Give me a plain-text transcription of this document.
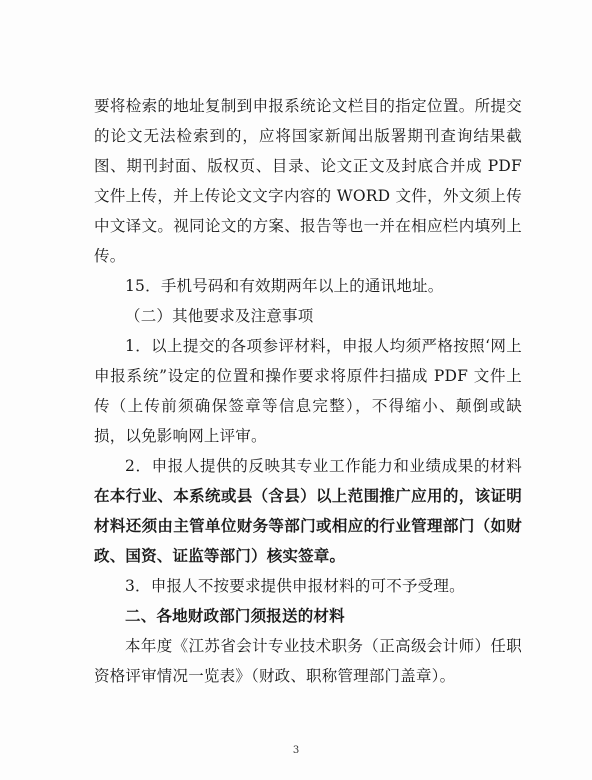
要将检索的地址复制到申报系统论文栏目的指定位置。所提交的论文无法检索到的，应将国家新闻出版署期刊查询结果截图、期刊封面、版权页、目录、论文正文及封底合并成 PDF 文件上传，并上传论文文字内容的 WORD 文件，外文须上传中文译文。视同论文的方案、报告等也一并在相应栏内填列上传。

15．手机号码和有效期两年以上的通讯地址。

（二）其他要求及注意事项

1．以上提交的各项参评材料，申报人均须严格按照‘网上申报系统”设定的位置和操作要求将原件扫描成 PDF 文件上传（上传前须确保签章等信息完整），不得缩小、颠倒或缺损，以免影响网上评审。

2．申报人提供的反映其专业工作能力和业绩成果的材料在本行业、本系统或县（含县）以上范围推广应用的，该证明材料还须由主管单位财务等部门或相应的行业管理部门（如财政、国资、证监等部门）核实签章。

3．申报人不按要求提供申报材料的可不予受理。

二、各地财政部门须报送的材料

本年度《江苏省会计专业技术职务（正高级会计师）任职资格评审情况一览表》（财政、职称管理部门盖章）。

3
